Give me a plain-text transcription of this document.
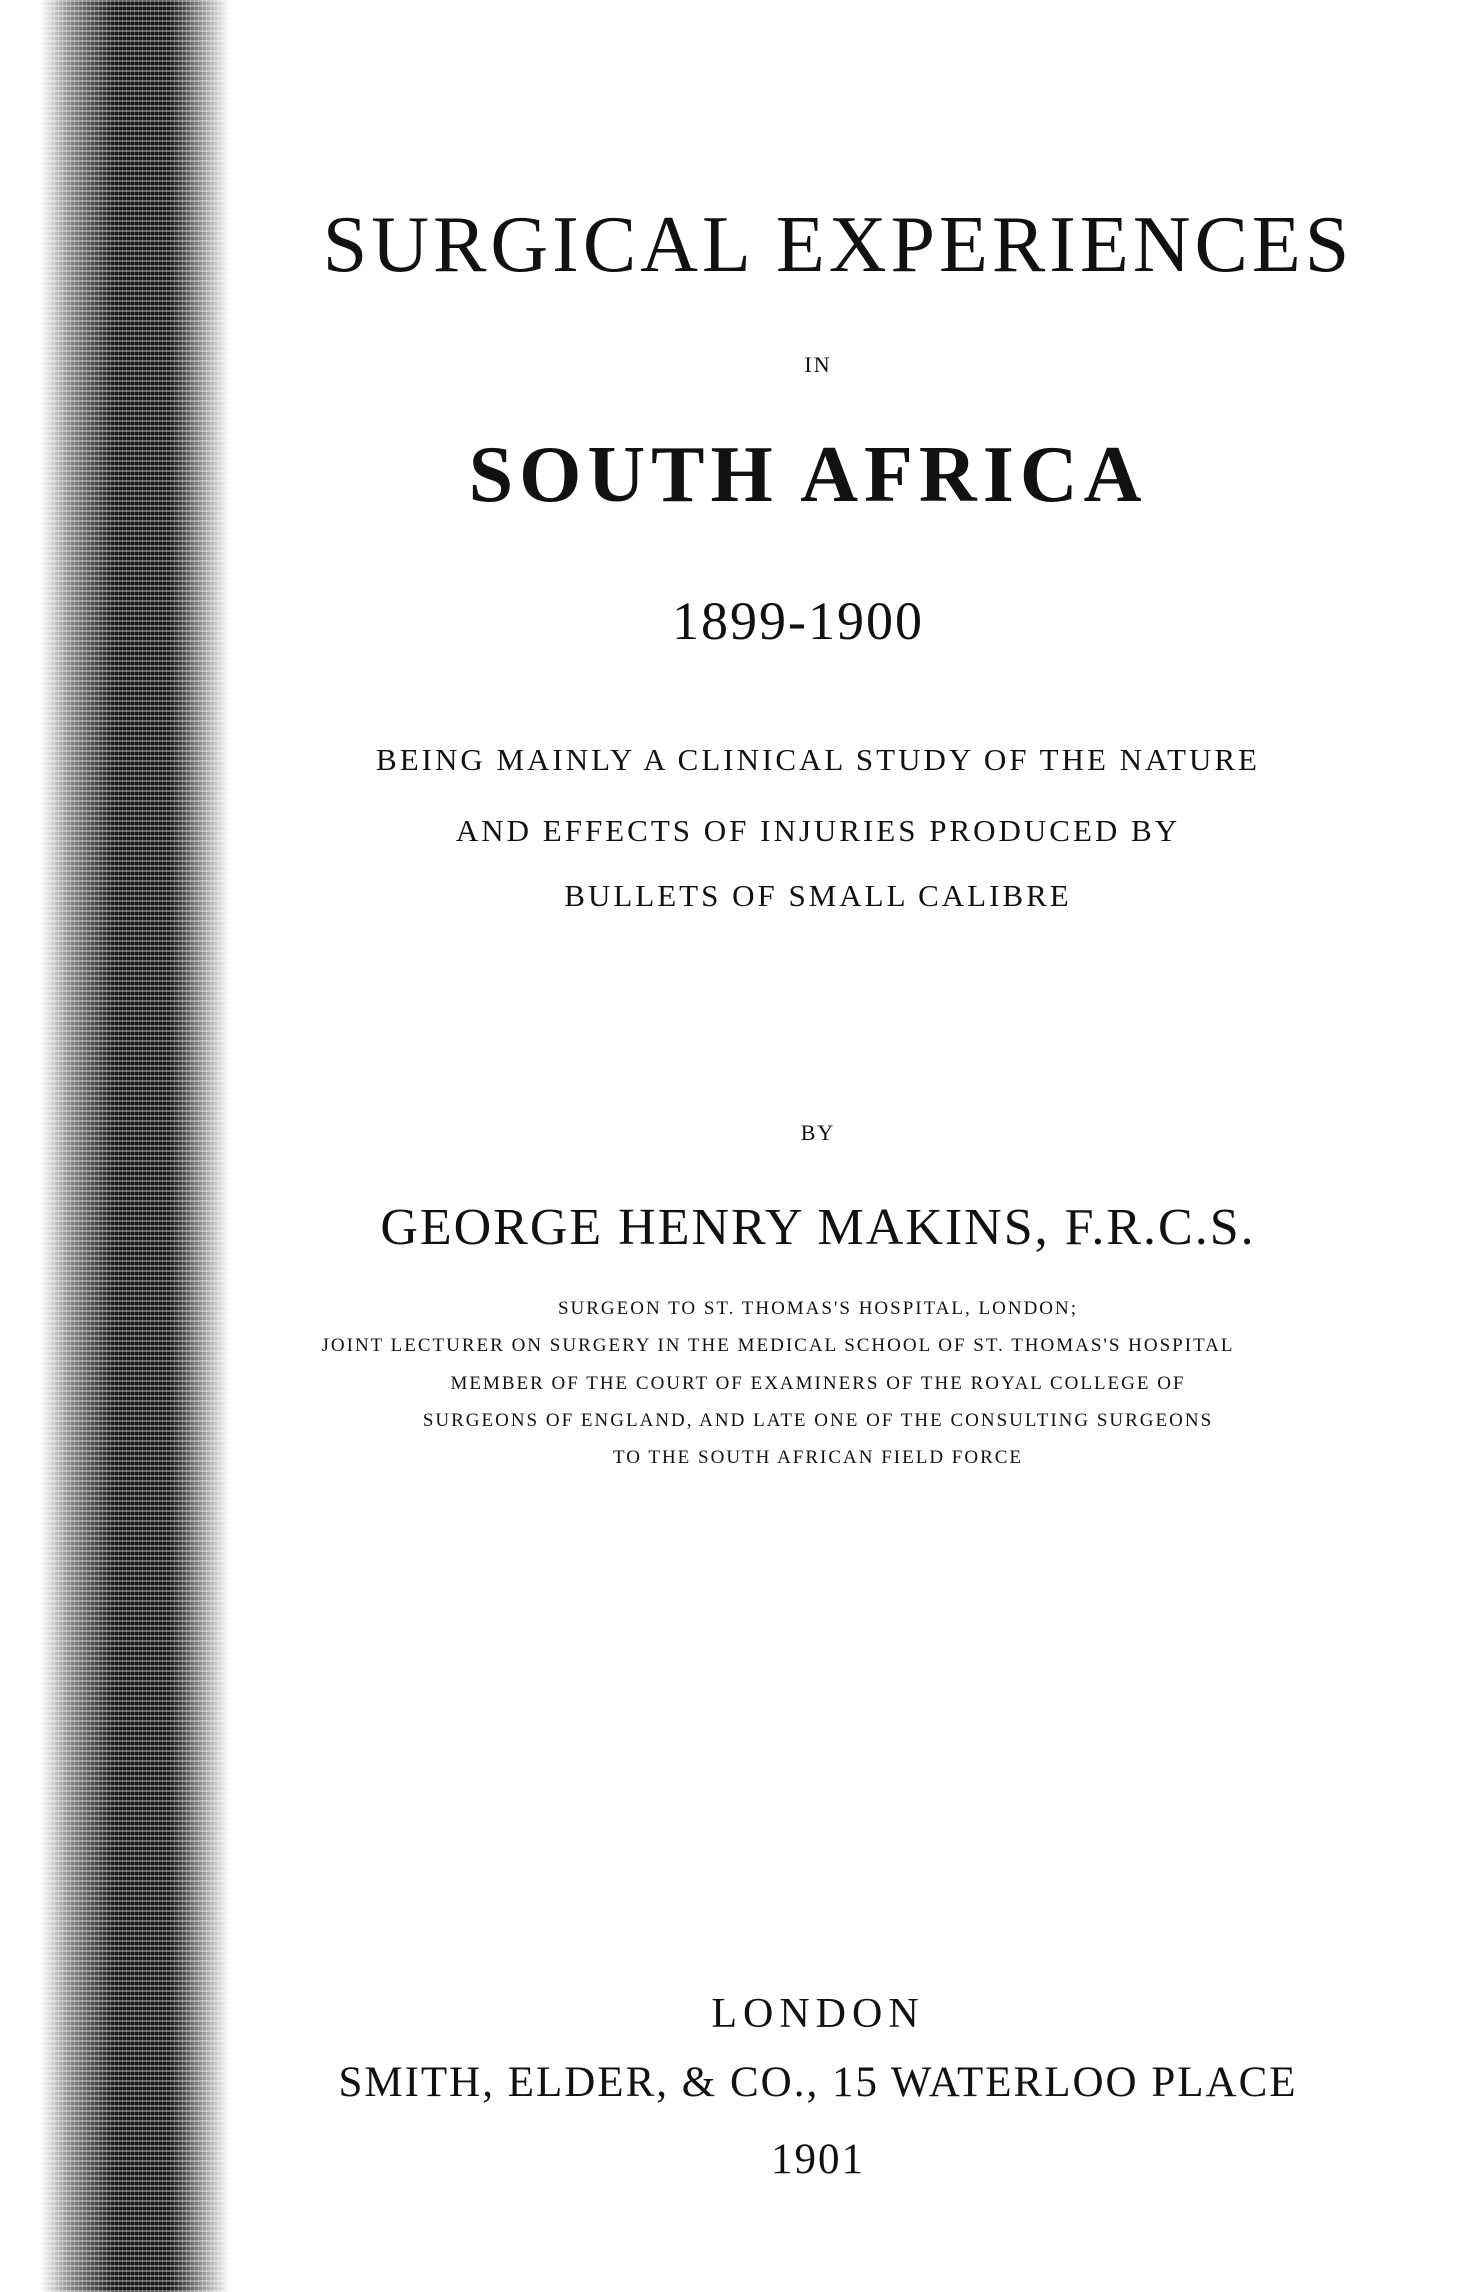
SURGICAL EXPERIENCES

IN

SOUTH AFRICA

1899-1900

BEING MAINLY A CLINICAL STUDY OF THE NATURE

AND EFFECTS OF INJURIES PRODUCED BY

BULLETS OF SMALL CALIBRE

BY

GEORGE HENRY MAKINS, F.R.C.S.

SURGEON TO ST. THOMAS'S HOSPITAL, LONDON;

JOINT LECTURER ON SURGERY IN THE MEDICAL SCHOOL OF ST. THOMAS'S HOSPITAL

MEMBER OF THE COURT OF EXAMINERS OF THE ROYAL COLLEGE OF

SURGEONS OF ENGLAND, AND LATE ONE OF THE CONSULTING SURGEONS

TO THE SOUTH AFRICAN FIELD FORCE

LONDON

SMITH, ELDER, & CO., 15 WATERLOO PLACE

1901
